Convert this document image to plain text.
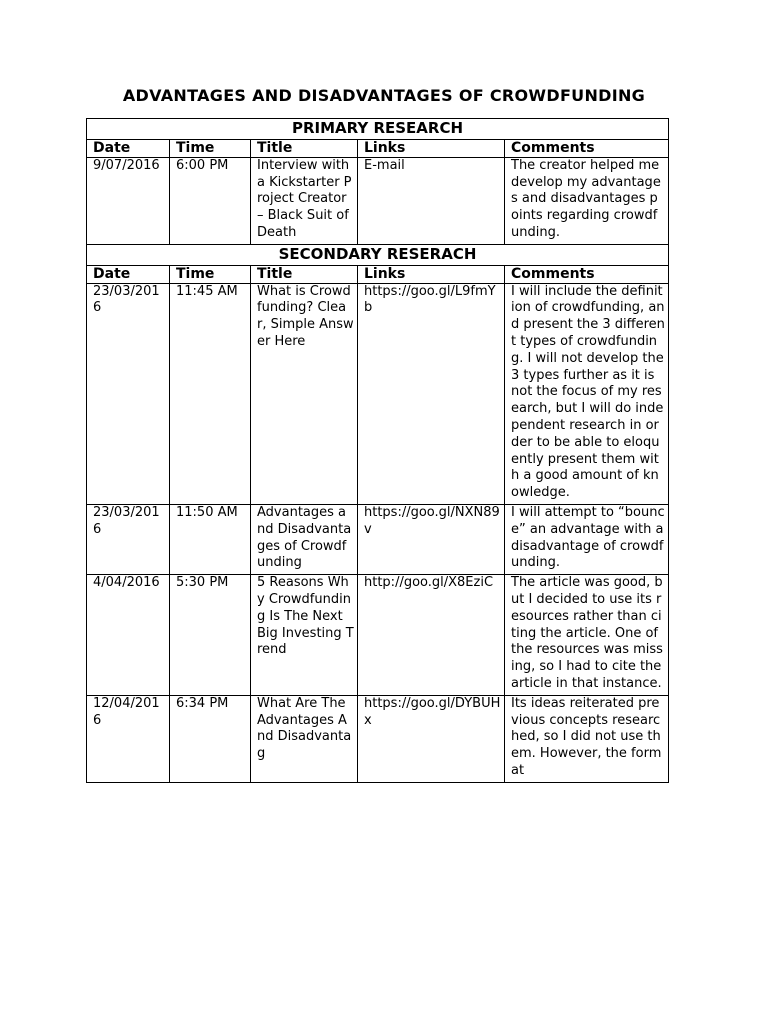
ADVANTAGES AND DISADVANTAGES OF CROWDFUNDING
PRIMARY RESEARCH				
Date	Time	Title	Links	Comments
9/07/2016	6:00 PM	Interview with a Kickstarter Project Creator – Black Suit of Death	E-mail	The creator helped me develop my advantages and disadvantages points regarding crowdfunding.
SECONDARY RESERACH				
Date	Time	Title	Links	Comments
23/03/2016	11:45 AM	What is Crowdfunding? Clear, Simple Answer Here	https://goo.gl/L9fmYb	I will include the definition of crowdfunding, and present the 3 different types of crowdfunding. I will not develop the 3 types further as it is not the focus of my research, but I will do independent research in order to be able to eloquently present them with a good amount of knowledge.
23/03/2016	11:50 AM	Advantages and Disadvantages of Crowdfunding	https://goo.gl/NXN89v	I will attempt to “bounce” an advantage with a disadvantage of crowdfunding.
4/04/2016	5:30 PM	5 Reasons Why Crowdfunding Is The Next Big Investing Trend	http://goo.gl/X8EziC	The article was good, but I decided to use its resources rather than citing the article. One of the resources was missing, so I had to cite the article in that instance.
12/04/2016	6:34 PM	What Are The Advantages And Disadvantag	https://goo.gl/DYBUHx	Its ideas reiterated previous concepts researched, so I did not use them. However, the format
